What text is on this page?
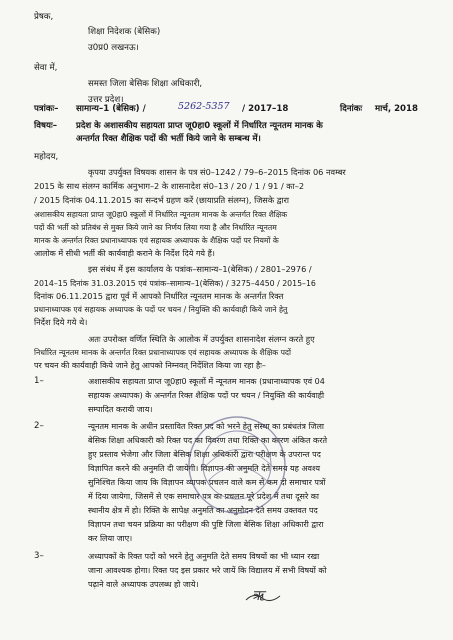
प्रेषक,
शिक्षा निदेशक (बेसिक)
उ0प्र0 लखनऊ।
सेवा में,
समस्त जिला बेसिक शिक्षा अधिकारी,
उत्तर प्रदेश।
पत्रांकः– सामान्य–1 (बेसिक) /	5262-5357 / 2017–18	दिनांकः मार्च, 2018
विषयः– प्रदेश के अशासकीय सहायता प्राप्त जू0हा0 स्कूलों में निर्धारित न्यूनतम मानक के
अन्तर्गत रिक्त शैक्षिक पदों की भर्ती किये जाने के सम्बन्ध में।
महोदय,
कृपया उपर्युक्त विषयक शासन के पत्र सं0–1242 / 79–6–2015 दिनांक 06 नवम्बर
2015 के साथ संलग्न कार्मिक अनुभाग–2 के शासनादेश सं0–13 / 20 / 1 / 91 / का–2
/ 2015 दिनांक 04.11.2015 का सन्दर्भ ग्रहण करें (छायाप्रति संलग्न), जिसके द्वारा
अशासकीय सहायता प्राप्त जू0हा0 स्कूलों में निर्धारित न्यूनतम मानक के अन्तर्गत रिक्त शैक्षिक
पदों की भर्ती को प्रतिबंध से मुक्त किये जाने का निर्णय लिया गया है और निर्धारित न्यूनतम
मानक के अन्तर्गत रिक्त प्रधानाध्यापक एवं सहायक अध्यापक के शैक्षिक पदों पर नियमों के
आलोक में सीधी भर्ती की कार्यवाही कराने के निर्देश दिये गये हैं।
इस संबंध में इस कार्यालय के पत्रांक–सामान्य–1(बेसिक) / 2801–2976 /
2014–15 दिनांक 31.03.2015 एवं पत्रांक–सामान्य–1(बेसिक) / 3275–4450 / 2015–16
दिनांक 06.11.2015 द्वारा पूर्व में आपको निर्धारित न्यूनतम मानक के अन्तर्गत रिक्त
प्रधानाध्यापक एवं सहायक अध्यापक के पदों पर चयन / नियुक्ति की कार्यवाही किये जाने हेतु
निर्देश दिये गये थे।
अतः उपरोक्त वर्णित स्थिति के आलोक में उपर्युक्त शासनादेश संलग्न करते हुए
निर्धारित न्यूनतम मानक के अन्तर्गत रिक्त प्रधानाध्यापक एवं सहायक अध्यापक के शैक्षिक पदों
पर चयन की कार्यवाही किये जाने हेतु आपको निम्नवत् निर्देशित किया जा रहा हैः–
1–	अशासकीय सहायता प्राप्त जू0हा0 स्कूलों में न्यूनतम मानक (प्रधानाध्यापक एवं 04
सहायक अध्यापक) के अन्तर्गत रिक्त शैक्षिक पदों पर चयन / नियुक्ति की कार्यवाही
सम्पादित करायी जाय।
2–	न्यूनतम मानक के अधीन प्रस्तावित रिक्त पद को भरने हेतु संस्था का प्रबंधतंत्र जिला
बेसिक शिक्षा अधिकारी को रिक्त पद का विवरण तथा रिक्ति का कारण अंकित करते
हुए प्रस्ताव भेजेगा और जिला बेसिक शिक्षा अधिकारी द्वारा परीक्षण के उपरान्त पद
विज्ञापित करने की अनुमति दी जायेगी। विज्ञापन की अनुमति देते समय यह अवश्य
सुनिश्चित किया जाय कि विज्ञापन व्यापक प्रचलन वाले कम से कम दो समाचार पत्रों
में दिया जायेगा, जिसमें से एक समाचार पत्र का प्रचलन पूरे प्रदेश में तथा दूसरे का
स्थानीय क्षेत्र में हो। रिक्ति के सापेक्ष अनुमति का अनुमोदन देते समय उक्तवत पद
विज्ञापन तथा चयन प्रक्रिया का परीक्षण की पुष्टि जिला बेसिक शिक्षा अधिकारी द्वारा
कर लिया जाए।
3–	अध्यापकों के रिक्त पदों को भरने हेतु अनुमति देते समय विषयों का भी ध्यान रखा
जाना आवश्यक होगा। रिक्त पद इस प्रकार भरे जायें कि विद्यालय में सभी विषयों को
पढ़ाने वाले अध्यापक उपलब्ध हो जाये।
ऋ
